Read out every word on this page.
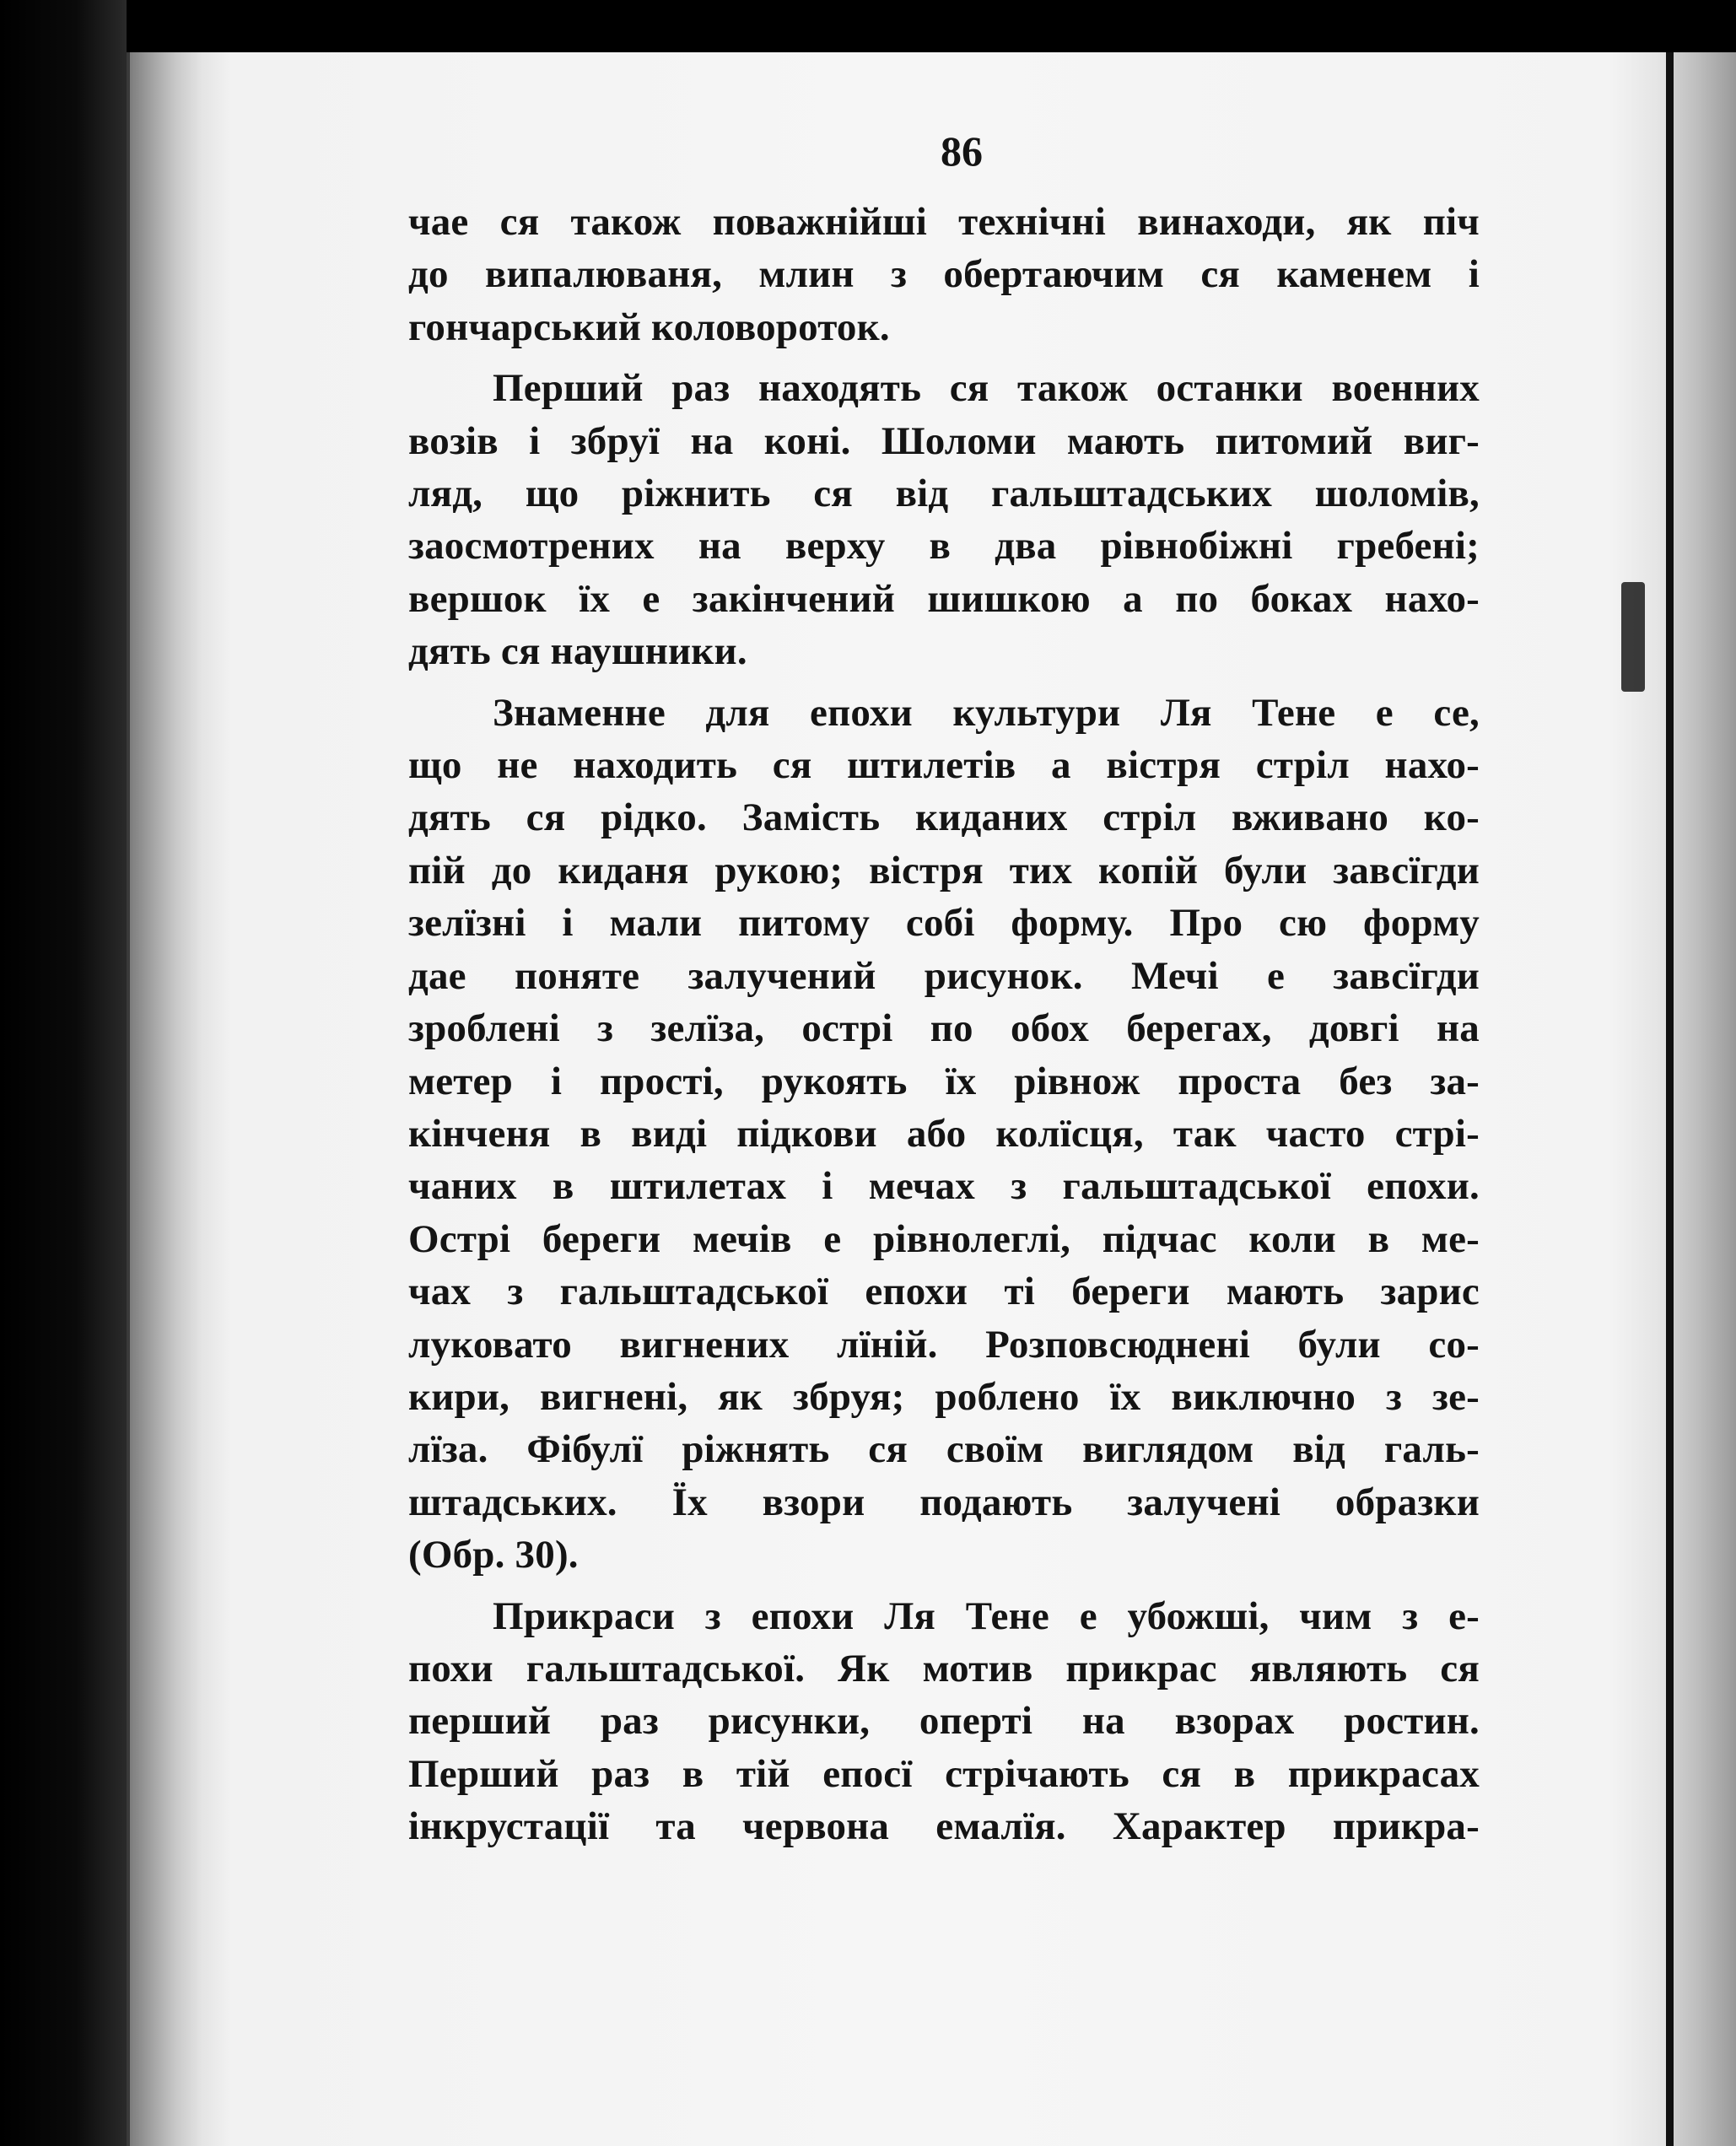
86
чае ся також поважнійші технічні винаходи, як піч
до випалюваня, млин з обертаючим ся каменем і
гончарський коловороток.
Перший раз находять ся також останки военних
возів і збруї на коні. Шоломи мають питомий виг-
ляд, що ріжнить ся від гальштадських шоломів,
заосмотрених на верху в два рівнобіжні гребені;
вершок їх е закінчений шишкою а по боках нахо-
дять ся наушники.
Знаменне для епохи культури Ля Тене е се,
що не находить ся штилетів а вістря стріл нахо-
дять ся рідко. Замість киданих стріл вживано ко-
пій до киданя рукою; вістря тих копій були завсїгди
зелїзні і мали питому собі форму. Про сю форму
дае поняте залучений рисунок. Мечі е завсїгди
зроблені з зелїза, острі по обох берегах, довгі на
метер і прості, рукоять їх рівнож проста без за-
кінченя в виді підкови або колїсця, так часто стрі-
чаних в штилетах і мечах з гальштадської епохи.
Острі береги мечів е рівнолеглі, підчас коли в ме-
чах з гальштадської епохи ті береги мають зарис
луковато вигнених лїній. Розповсюднені були со-
кири, вигнені, як збруя; роблено їх виключно з зе-
лїза. Фібулї ріжнять ся своїм виглядом від галь-
штадських. Їх взори подають залучені образки
(Обр. 30).
Прикраси з епохи Ля Тене е убожші, чим з е-
похи гальштадської. Як мотив прикрас являють ся
перший раз рисунки, оперті на взорах ростин.
Перший раз в тій епосї стрічають ся в прикрасах
інкрустації та червона емалїя. Характер прикра-
